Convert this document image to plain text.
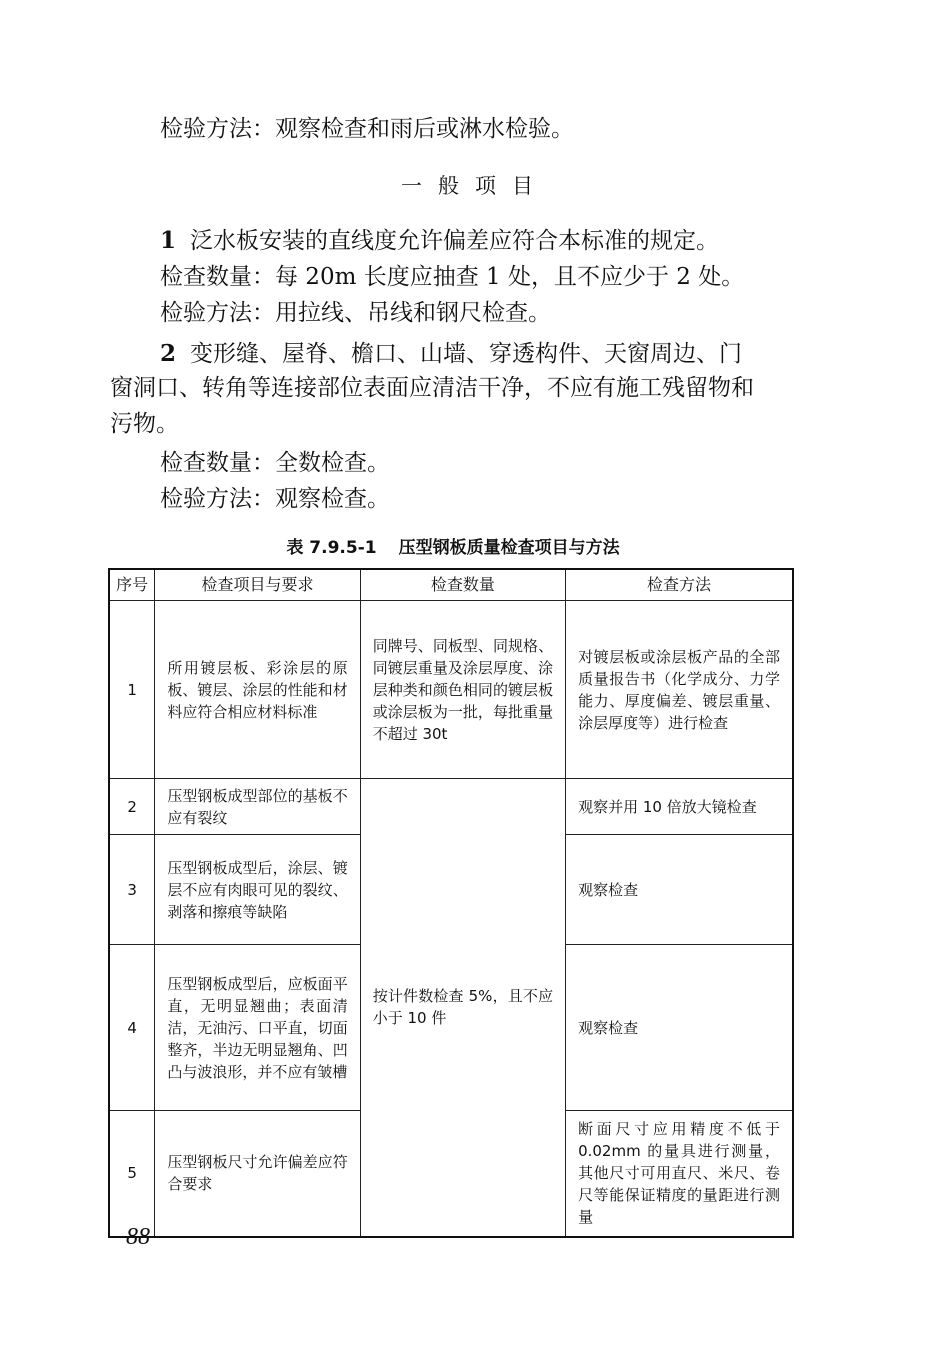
检验方法：观察检查和雨后或淋水检验。
一般项目
1 泛水板安装的直线度允许偏差应符合本标准的规定。
检查数量：每 20m 长度应抽查 1 处，且不应少于 2 处。
检验方法：用拉线、吊线和钢尺检查。
2 变形缝、屋脊、檐口、山墙、穿透构件、天窗周边、门
窗洞口、转角等连接部位表面应清洁干净，不应有施工残留物和
污物。
检查数量：全数检查。
检验方法：观察检查。
表 7.9.5-1 压型钢板质量检查项目与方法
序号	检查项目与要求	检查数量	检查方法
1	所用镀层板、彩涂层的原板、镀层、涂层的性能和材料应符合相应材料标准	同牌号、同板型、同规格、同镀层重量及涂层厚度、涂层种类和颜色相同的镀层板或涂层板为一批，每批重量不超过 30t	对镀层板或涂层板产品的全部质量报告书（化学成分、力学能力、厚度偏差、镀层重量、涂层厚度等）进行检查
2	压型钢板成型部位的基板不应有裂纹	按计件数检查 5%，且不应小于 10 件	观察并用 10 倍放大镜检查
3	压型钢板成型后，涂层、镀层不应有肉眼可见的裂纹、剥落和擦痕等缺陷		观察检查
4	压型钢板成型后，应板面平直，无明显翘曲；表面清洁，无油污、口平直，切面整齐，半边无明显翘角、凹凸与波浪形，并不应有皱槽		观察检查
5	压型钢板尺寸允许偏差应符合要求		断面尺寸应用精度不低于 0.02mm 的量具进行测量，其他尺寸可用直尺、米尺、卷尺等能保证精度的量距进行测量
88
